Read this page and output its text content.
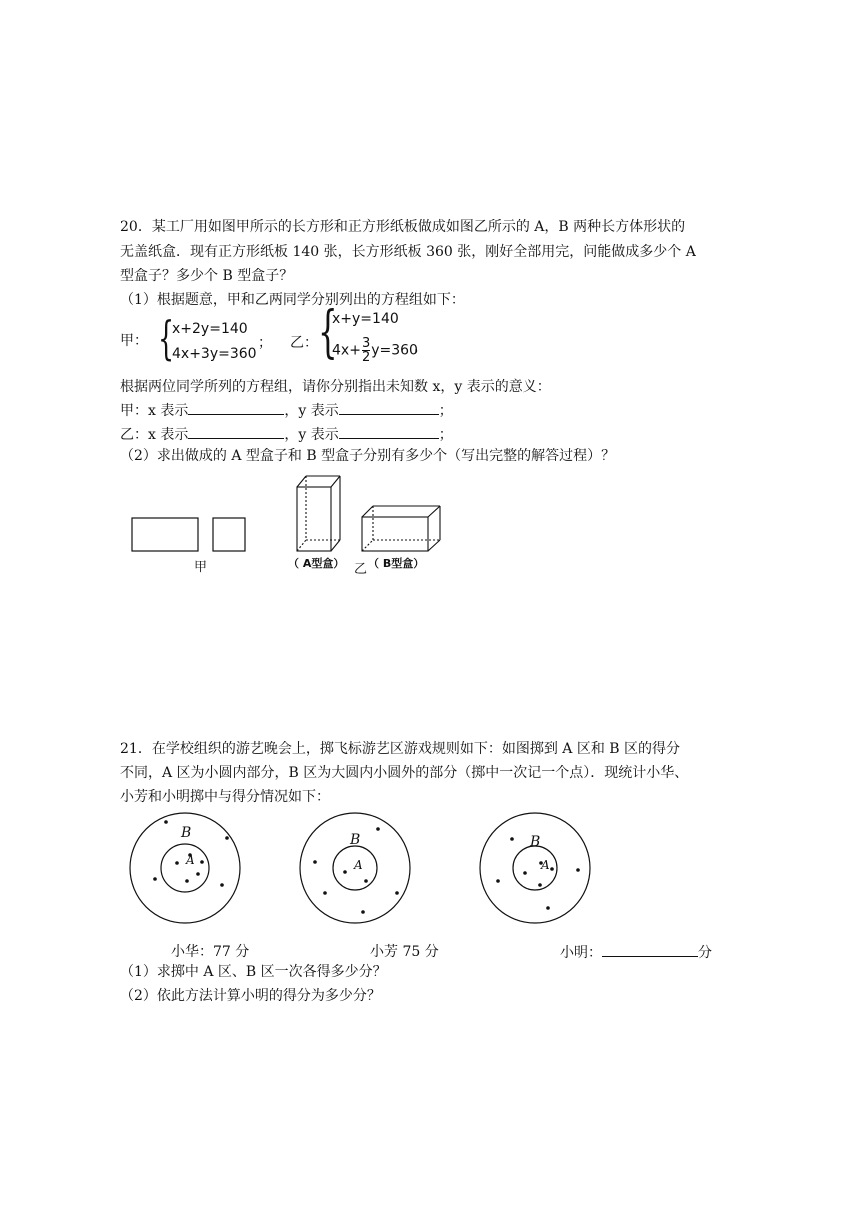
20．某工厂用如图甲所示的长方形和正方形纸板做成如图乙所示的 A，B 两种长方体形状的
无盖纸盒．现有正方形纸板 140 张，长方形纸板 360 张，刚好全部用完，问能做成多少个 A
型盒子？多少个 B 型盒子？
（1）根据题意，甲和乙两同学分别列出的方程组如下：
甲： {
x+2y=140
4x+3y=360
； 乙： {
x+y=140
$4x+ \frac{3}{2} y=360$
，
根据两位同学所列的方程组，请你分别指出未知数 x，y 表示的意义：
甲：x 表示	，y 表示	；
乙：x 表示	，y 表示	；
（2）求出做成的 A 型盒子和 B 型盒子分别有多少个（写出完整的解答过程）？
甲	（ A型盒） 乙 （ B型盒）
21．在学校组织的游艺晚会上，掷飞标游艺区游戏规则如下：如图掷到 A 区和 B 区的得分
不同，A 区为小圆内部分，B 区为大圆内小圆外的部分（掷中一次记一个点）．现统计小华、
小芳和小明掷中与得分情况如下：
B
A
B
A
B
A
小华：77 分	小芳 75 分	小明：	分
（1）求掷中 A 区、B 区一次各得多少分？
（2）依此方法计算小明的得分为多少分？
